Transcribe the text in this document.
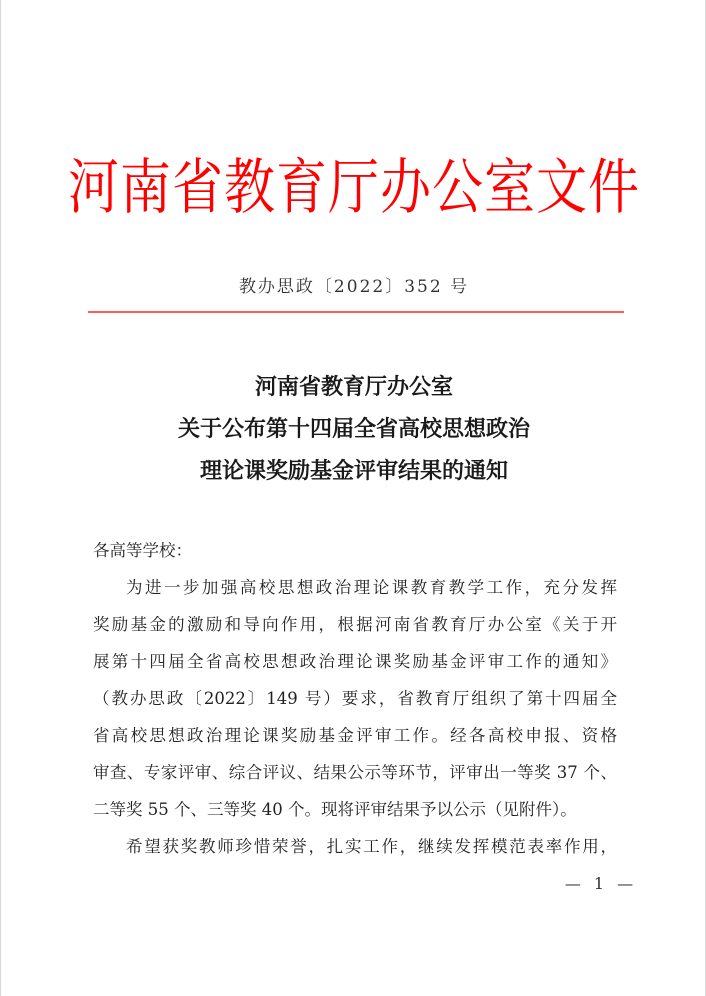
河南省教育厅办公室文件
教办思政〔2022〕352 号
河南省教育厅办公室
关于公布第十四届全省高校思想政治
理论课奖励基金评审结果的通知
各高等学校：
为进一步加强高校思想政治理论课教育教学工作，充分发挥
奖励基金的激励和导向作用，根据河南省教育厅办公室《关于开
展第十四届全省高校思想政治理论课奖励基金评审工作的通知》
（教办思政〔2022〕149 号）要求，省教育厅组织了第十四届全
省高校思想政治理论课奖励基金评审工作。经各高校申报、资格
审查、专家评审、综合评议、结果公示等环节，评审出一等奖 37 个、
二等奖 55 个、三等奖 40 个。现将评审结果予以公示（见附件）。
希望获奖教师珍惜荣誉，扎实工作，继续发挥模范表率作用，
— 1 —
